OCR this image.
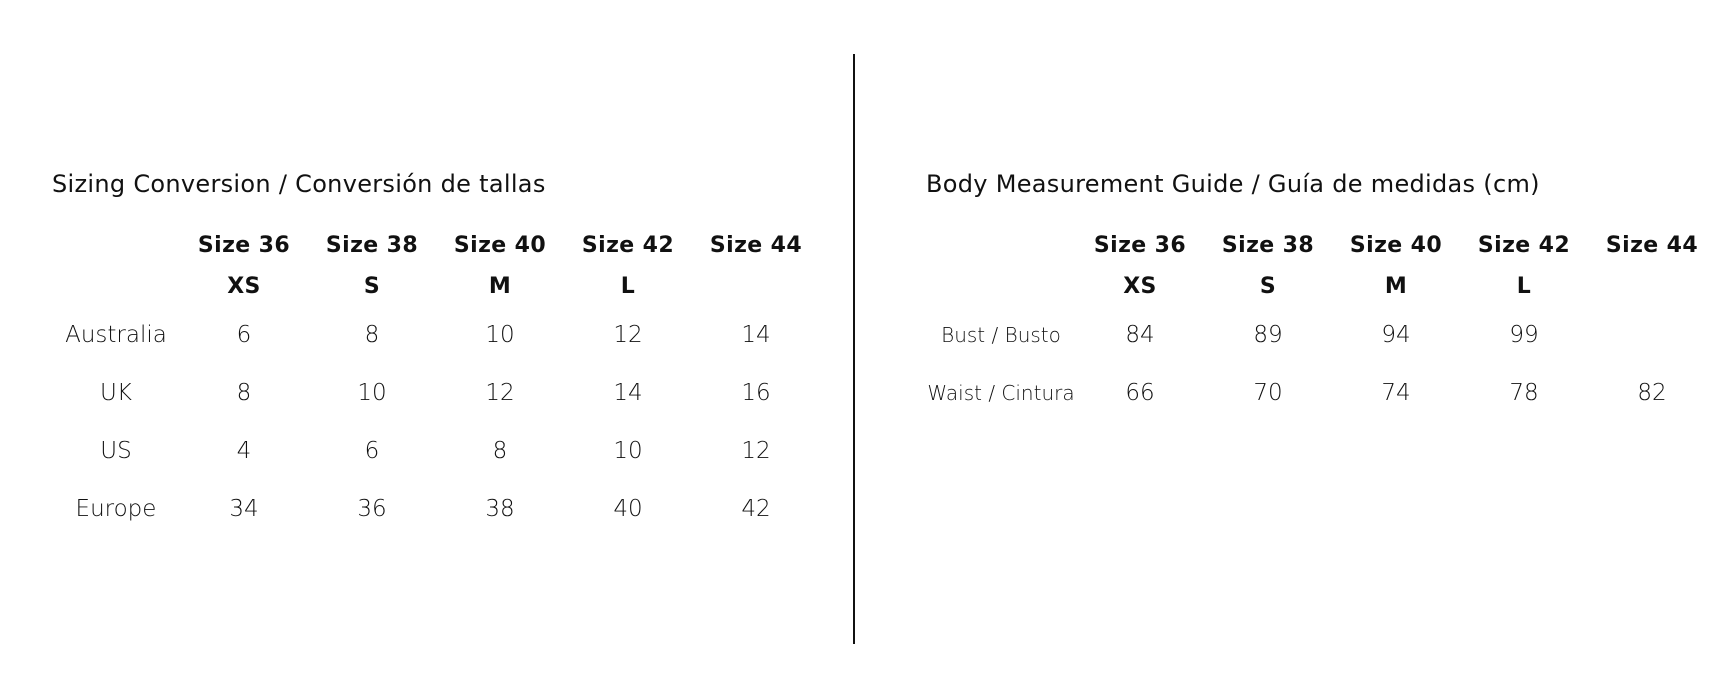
Sizing Conversion / Conversión de tallas
	Size 36	Size 38	Size 40	Size 42	Size 44
	XS	S	M	L	
Australia	6	8	10	12	14
UK	8	10	12	14	16
US	4	6	8	10	12
Europe	34	36	38	40	42
Body Measurement Guide / Guía de medidas (cm)
	Size 36	Size 38	Size 40	Size 42	Size 44
	XS	S	M	L	
Bust / Busto	84	89	94	99	
Waist / Cintura	66	70	74	78	82
